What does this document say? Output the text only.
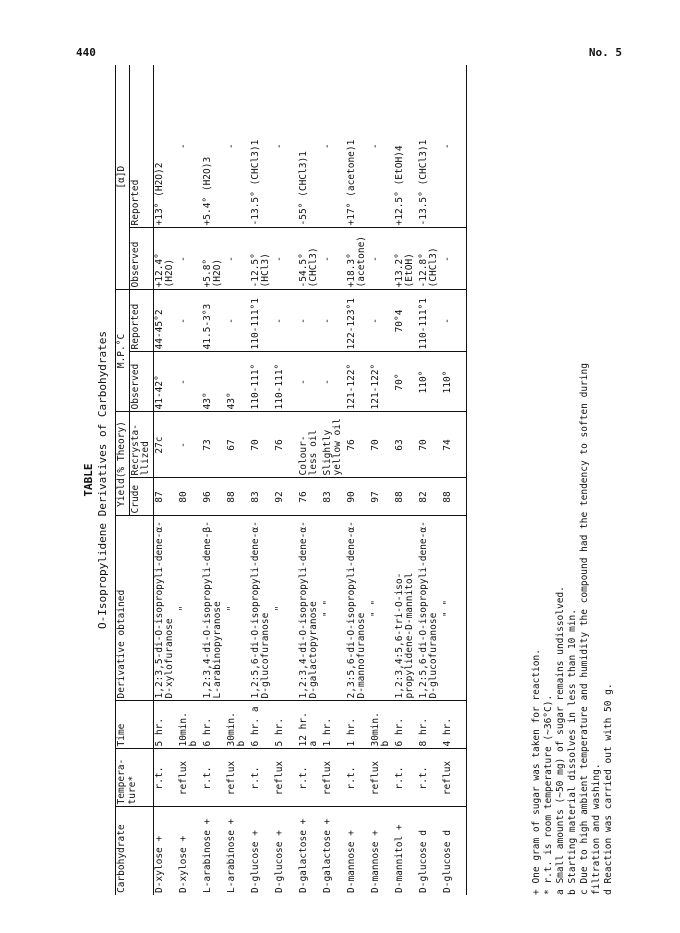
440	No. 5
TABLE O-Isopropylidene Derivatives of Carbohydrates
Carbohydrate	Tempera-ture*	Time	Derivative obtained	Yield(% Theory)		M.P.°C		[α]D	
				Crude	Recrysta-llized	Observed	Reported	Observed	Reported
D-xylose +	r.t.	5 hr.	1,2:3,5-di-O-isopropyli-dene-α-D-xylofuranose	87	27c	41-42°	44-45°2	+12.4° (H2O)	+13° (H2O)2
D-xylose +	reflux	10min. b	"	80	-	-	-	-	-
L-arabinose +	r.t.	6 hr.	1,2:3,4-di-O-isopropyli-dene-β-L-arabinopyranose	96	73	43°	41.5-3°3	+5.8° (H2O)	+5.4° (H2O)3
L-arabinose +	reflux	30min. b	"	88	67	43°	-	-	-
D-glucose +	r.t.	6 hr. a	1,2:5,6-di-O-isopropyli-dene-α-D-glucofuranose	83	70	110-111°	110-111°1	-12.5° (HCl3)	-13.5° (CHCl3)1
D-glucose +	reflux	5 hr.	"	92	76	110-111°	-	-	-
D-galactose +	r.t.	12 hr. a	1,2:3,4-di-O-isopropyli-dene-α-D-galactopyranose	76	Colour-less oil	-	-	-54.5° (CHCl3)	-55° (CHCl3)1
D-galactose +	reflux	1 hr.	" "	83	Slightly yellow oil	-	-	-	-
D-mannose +	r.t.	1 hr.	2,3:5,6-di-O-isopropyli-dene-α-D-mannofuranose	90	76	121-122°	122-123°1	+18.3° (acetone)	+17° (acetone)1
D-mannose +	reflux	30min. b	" "	97	70	121-122°	-	-	-
D-mannitol +	r.t.	6 hr.	1,2:3,4:5,6-tri-O-iso-propylidene-D-mannitol	88	63	70°	70°4	+13.2° (EtOH)	+12.5° (EtOH)4
D-glucose d	r.t.	8 hr.	1,2:5,6-di-O-isopropyli-dene-α-D-glucofuranose	82	70	110°	110-111°1	-12.8° (CHCl3)	-13.5° (CHCl3)1
D-glucose d	reflux	4 hr.	" "	88	74	110°	-	-	-
+ One gram of sugar was taken for reaction. * r.t. is room temperature (~36°C). a Small amounts (~50 mg) of sugar remains undissolved. b Starting material dissolves in less than 10 min. c Due to high ambient temperature and humidity the compound had the tendency to soften during filtration and washing. d Reaction was carried out with 50 g.
